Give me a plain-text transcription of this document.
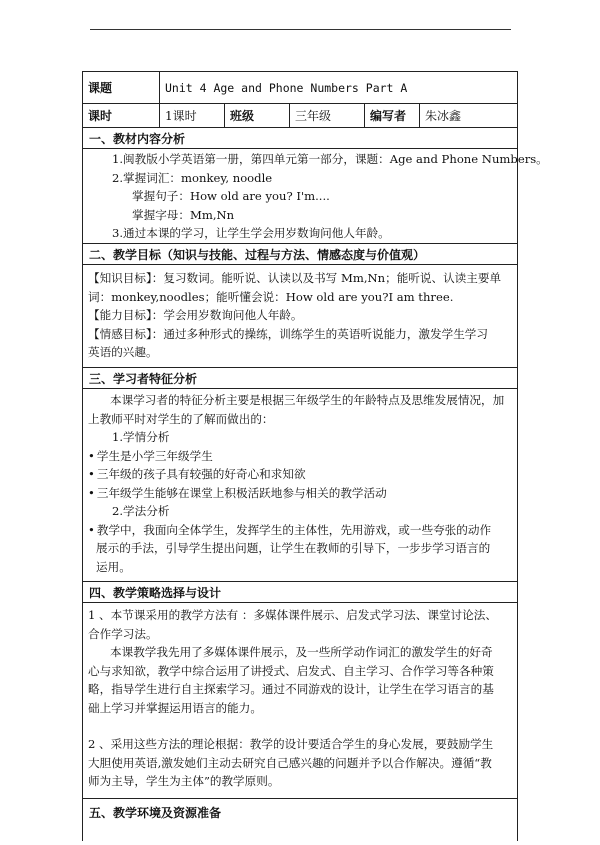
课题	Unit 4 Age and Phone Numbers Part A
课时	1课时	班级	三年级	编写者	朱冰鑫
一、教材内容分析
1.闽教版小学英语第一册，第四单元第一部分，课题：Age and Phone Numbers。
2.掌握词汇：monkey, noodle
掌握句子：How old are you? I'm....
掌握字母：Mm,Nn
3.通过本课的学习，让学生学会用岁数询问他人年龄。
二、教学目标（知识与技能、过程与方法、情感态度与价值观）
【知识目标】：复习数词。能听说、认读以及书写 Mm,Nn；能听说、认读主要单
词：monkey,noodles；能听懂会说：How old are you?I am three.
【能力目标】：学会用岁数询问他人年龄。
【情感目标】：通过多种形式的操练，训练学生的英语听说能力，激发学生学习
英语的兴趣。
三、学习者特征分析
本课学习者的特征分析主要是根据三年级学生的年龄特点及思维发展情况，加
上教师平时对学生的了解而做出的：
1.学情分析
• 学生是小学三年级学生
• 三年级的孩子具有较强的好奇心和求知欲
• 三年级学生能够在课堂上积极活跃地参与相关的教学活动
2.学法分析
• 教学中，我面向全体学生，发挥学生的主体性，先用游戏，或一些夸张的动作
展示的手法，引导学生提出问题，让学生在教师的引导下，一步步学习语言的
运用。
四、教学策略选择与设计
1 、本节课采用的教学方法有 ：多媒体课件展示、启发式学习法、课堂讨论法、
合作学习法。
本课教学我先用了多媒体课件展示，及一些所学动作词汇的激发学生的好奇
心与求知欲，教学中综合运用了讲授式、启发式、自主学习、合作学习等各种策
略，指导学生进行自主探索学习。通过不同游戏的设计，让学生在学习语言的基
础上学习并掌握运用语言的能力。
2 、采用这些方法的理论根据：教学的设计要适合学生的身心发展，要鼓励学生
大胆使用英语,激发她们主动去研究自己感兴趣的问题并予以合作解决。遵循“教
师为主导，学生为主体”的教学原则。
五、教学环境及资源准备
